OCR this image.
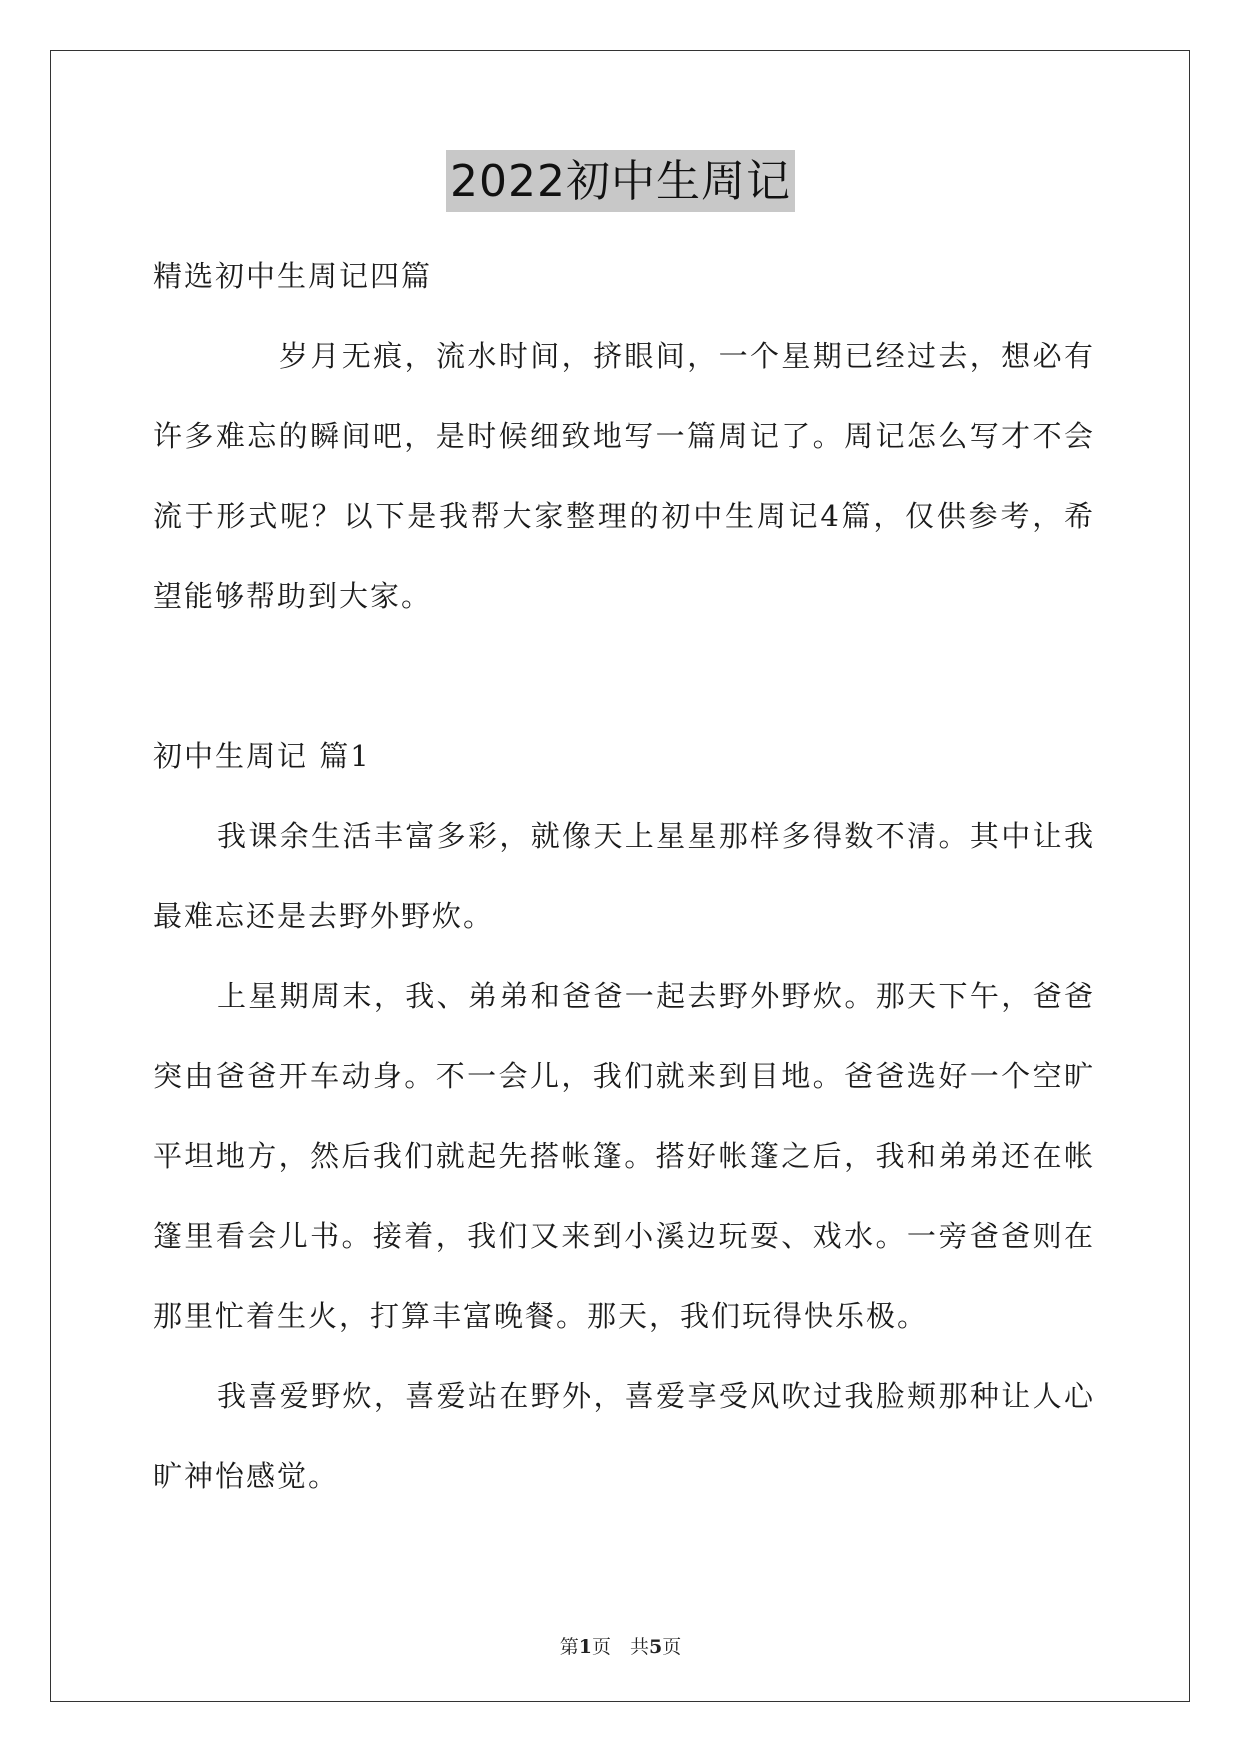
2022初中生周记
精选初中生周记四篇
岁月无痕，流水时间，挤眼间，一个星期已经过去，想必有
许多难忘的瞬间吧，是时候细致地写一篇周记了。周记怎么写才不会
流于形式呢？以下是我帮大家整理的初中生周记4篇，仅供参考，希
望能够帮助到大家。
初中生周记 篇1
我课余生活丰富多彩，就像天上星星那样多得数不清。其中让我
最难忘还是去野外野炊。
上星期周末，我、弟弟和爸爸一起去野外野炊。那天下午，爸爸
突由爸爸开车动身。不一会儿，我们就来到目地。爸爸选好一个空旷
平坦地方，然后我们就起先搭帐篷。搭好帐篷之后，我和弟弟还在帐
篷里看会儿书。接着，我们又来到小溪边玩耍、戏水。一旁爸爸则在
那里忙着生火，打算丰富晚餐。那天，我们玩得快乐极。
我喜爱野炊，喜爱站在野外，喜爱享受风吹过我脸颊那种让人心
旷神怡感觉。
第1页　共5页
